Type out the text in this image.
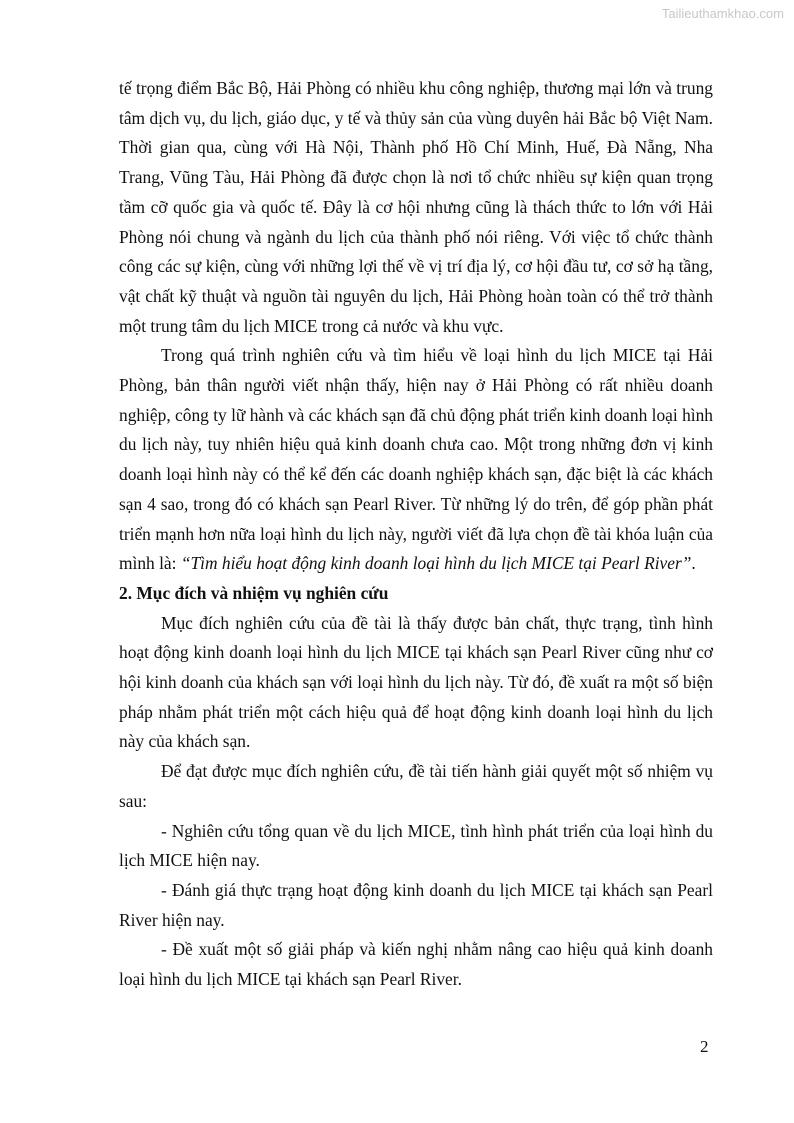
Tailieuthamkhao.com

tế trọng điểm Bắc Bộ, Hải Phòng có nhiều khu công nghiệp, thương mại lớn và trung tâm dịch vụ, du lịch, giáo dục, y tế và thủy sản của vùng duyên hải Bắc bộ Việt Nam. Thời gian qua, cùng với Hà Nội, Thành phố Hồ Chí Minh, Huế, Đà Nẵng, Nha Trang, Vũng Tàu, Hải Phòng đã được chọn là nơi tổ chức nhiều sự kiện quan trọng tầm cỡ quốc gia và quốc tế. Đây là cơ hội nhưng cũng là thách thức to lớn với Hải Phòng nói chung và ngành du lịch của thành phố nói riêng. Với việc tổ chức thành công các sự kiện, cùng với những lợi thế về vị trí địa lý, cơ hội đầu tư, cơ sở hạ tầng, vật chất kỹ thuật và nguồn tài nguyên du lịch, Hải Phòng hoàn toàn có thể trở thành một trung tâm du lịch MICE trong cả nước và khu vực.

Trong quá trình nghiên cứu và tìm hiểu về loại hình du lịch MICE tại Hải Phòng, bản thân người viết nhận thấy, hiện nay ở Hải Phòng có rất nhiều doanh nghiệp, công ty lữ hành và các khách sạn đã chủ động phát triển kinh doanh loại hình du lịch này, tuy nhiên hiệu quả kinh doanh chưa cao. Một trong những đơn vị kinh doanh loại hình này có thể kể đến các doanh nghiệp khách sạn, đặc biệt là các khách sạn 4 sao, trong đó có khách sạn Pearl River. Từ những lý do trên, để góp phần phát triển mạnh hơn nữa loại hình du lịch này, người viết đã lựa chọn đề tài khóa luận của mình là: “Tìm hiểu hoạt động kinh doanh loại hình du lịch MICE tại Pearl River”.

2. Mục đích và nhiệm vụ nghiên cứu

Mục đích nghiên cứu của đề tài là thấy được bản chất, thực trạng, tình hình hoạt động kinh doanh loại hình du lịch MICE tại khách sạn Pearl River cũng như cơ hội kinh doanh của khách sạn với loại hình du lịch này. Từ đó, đề xuất ra một số biện pháp nhằm phát triển một cách hiệu quả để hoạt động kinh doanh loại hình du lịch này của khách sạn.

Để đạt được mục đích nghiên cứu, đề tài tiến hành giải quyết một số nhiệm vụ sau:

- Nghiên cứu tổng quan về du lịch MICE, tình hình phát triển của loại hình du lịch MICE hiện nay.

- Đánh giá thực trạng hoạt động kinh doanh du lịch MICE tại khách sạn Pearl River hiện nay.

- Đề xuất một số giải pháp và kiến nghị nhằm nâng cao hiệu quả kinh doanh loại hình du lịch MICE tại khách sạn Pearl River.

2
